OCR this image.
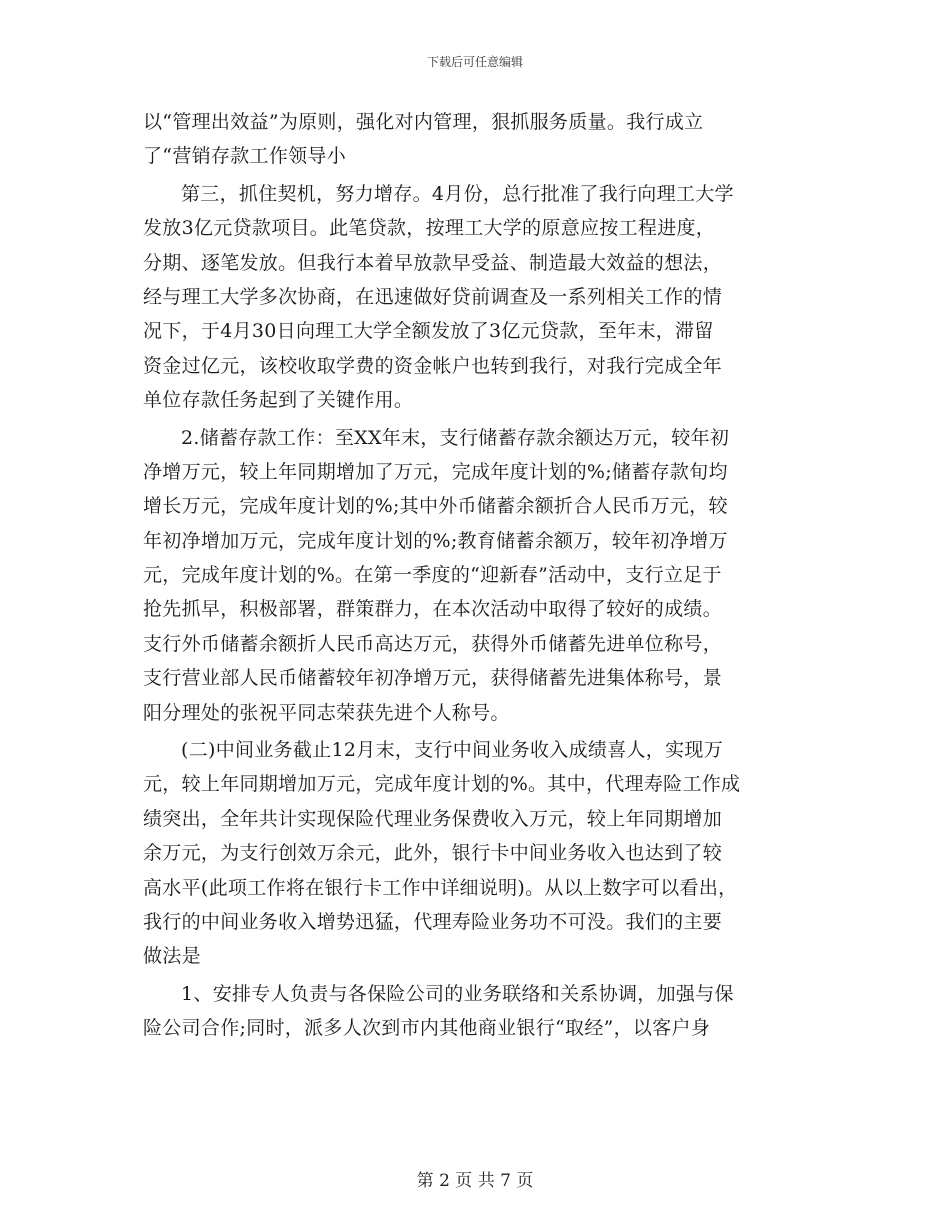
下载后可任意编辑
以“管理出效益”为原则，强化对内管理，狠抓服务质量。我行成立
了“营销存款工作领导小
第三，抓住契机，努力增存。4月份，总行批准了我行向理工大学
发放3亿元贷款项目。此笔贷款，按理工大学的原意应按工程进度，
分期、逐笔发放。但我行本着早放款早受益、制造最大效益的想法，
经与理工大学多次协商，在迅速做好贷前调查及一系列相关工作的情
况下，于4月30日向理工大学全额发放了3亿元贷款，至年末，滞留
资金过亿元，该校收取学费的资金帐户也转到我行，对我行完成全年
单位存款任务起到了关键作用。
2.储蓄存款工作：至XX年末，支行储蓄存款余额达万元，较年初
净增万元，较上年同期增加了万元，完成年度计划的%;储蓄存款旬均
增长万元，完成年度计划的%;其中外币储蓄余额折合人民币万元，较
年初净增加万元，完成年度计划的%;教育储蓄余额万，较年初净增万
元，完成年度计划的%。在第一季度的“迎新春”活动中，支行立足于
抢先抓早，积极部署，群策群力，在本次活动中取得了较好的成绩。
支行外币储蓄余额折人民币高达万元，获得外币储蓄先进单位称号，
支行营业部人民币储蓄较年初净增万元，获得储蓄先进集体称号，景
阳分理处的张祝平同志荣获先进个人称号。
(二)中间业务截止12月末，支行中间业务收入成绩喜人，实现万
元，较上年同期增加万元，完成年度计划的%。其中，代理寿险工作成
绩突出，全年共计实现保险代理业务保费收入万元，较上年同期增加
余万元，为支行创效万余元，此外，银行卡中间业务收入也达到了较
高水平(此项工作将在银行卡工作中详细说明)。从以上数字可以看出，
我行的中间业务收入增势迅猛，代理寿险业务功不可没。我们的主要
做法是
1、安排专人负责与各保险公司的业务联络和关系协调，加强与保
险公司合作;同时，派多人次到市内其他商业银行“取经”，以客户身
第 2 页 共 7 页
